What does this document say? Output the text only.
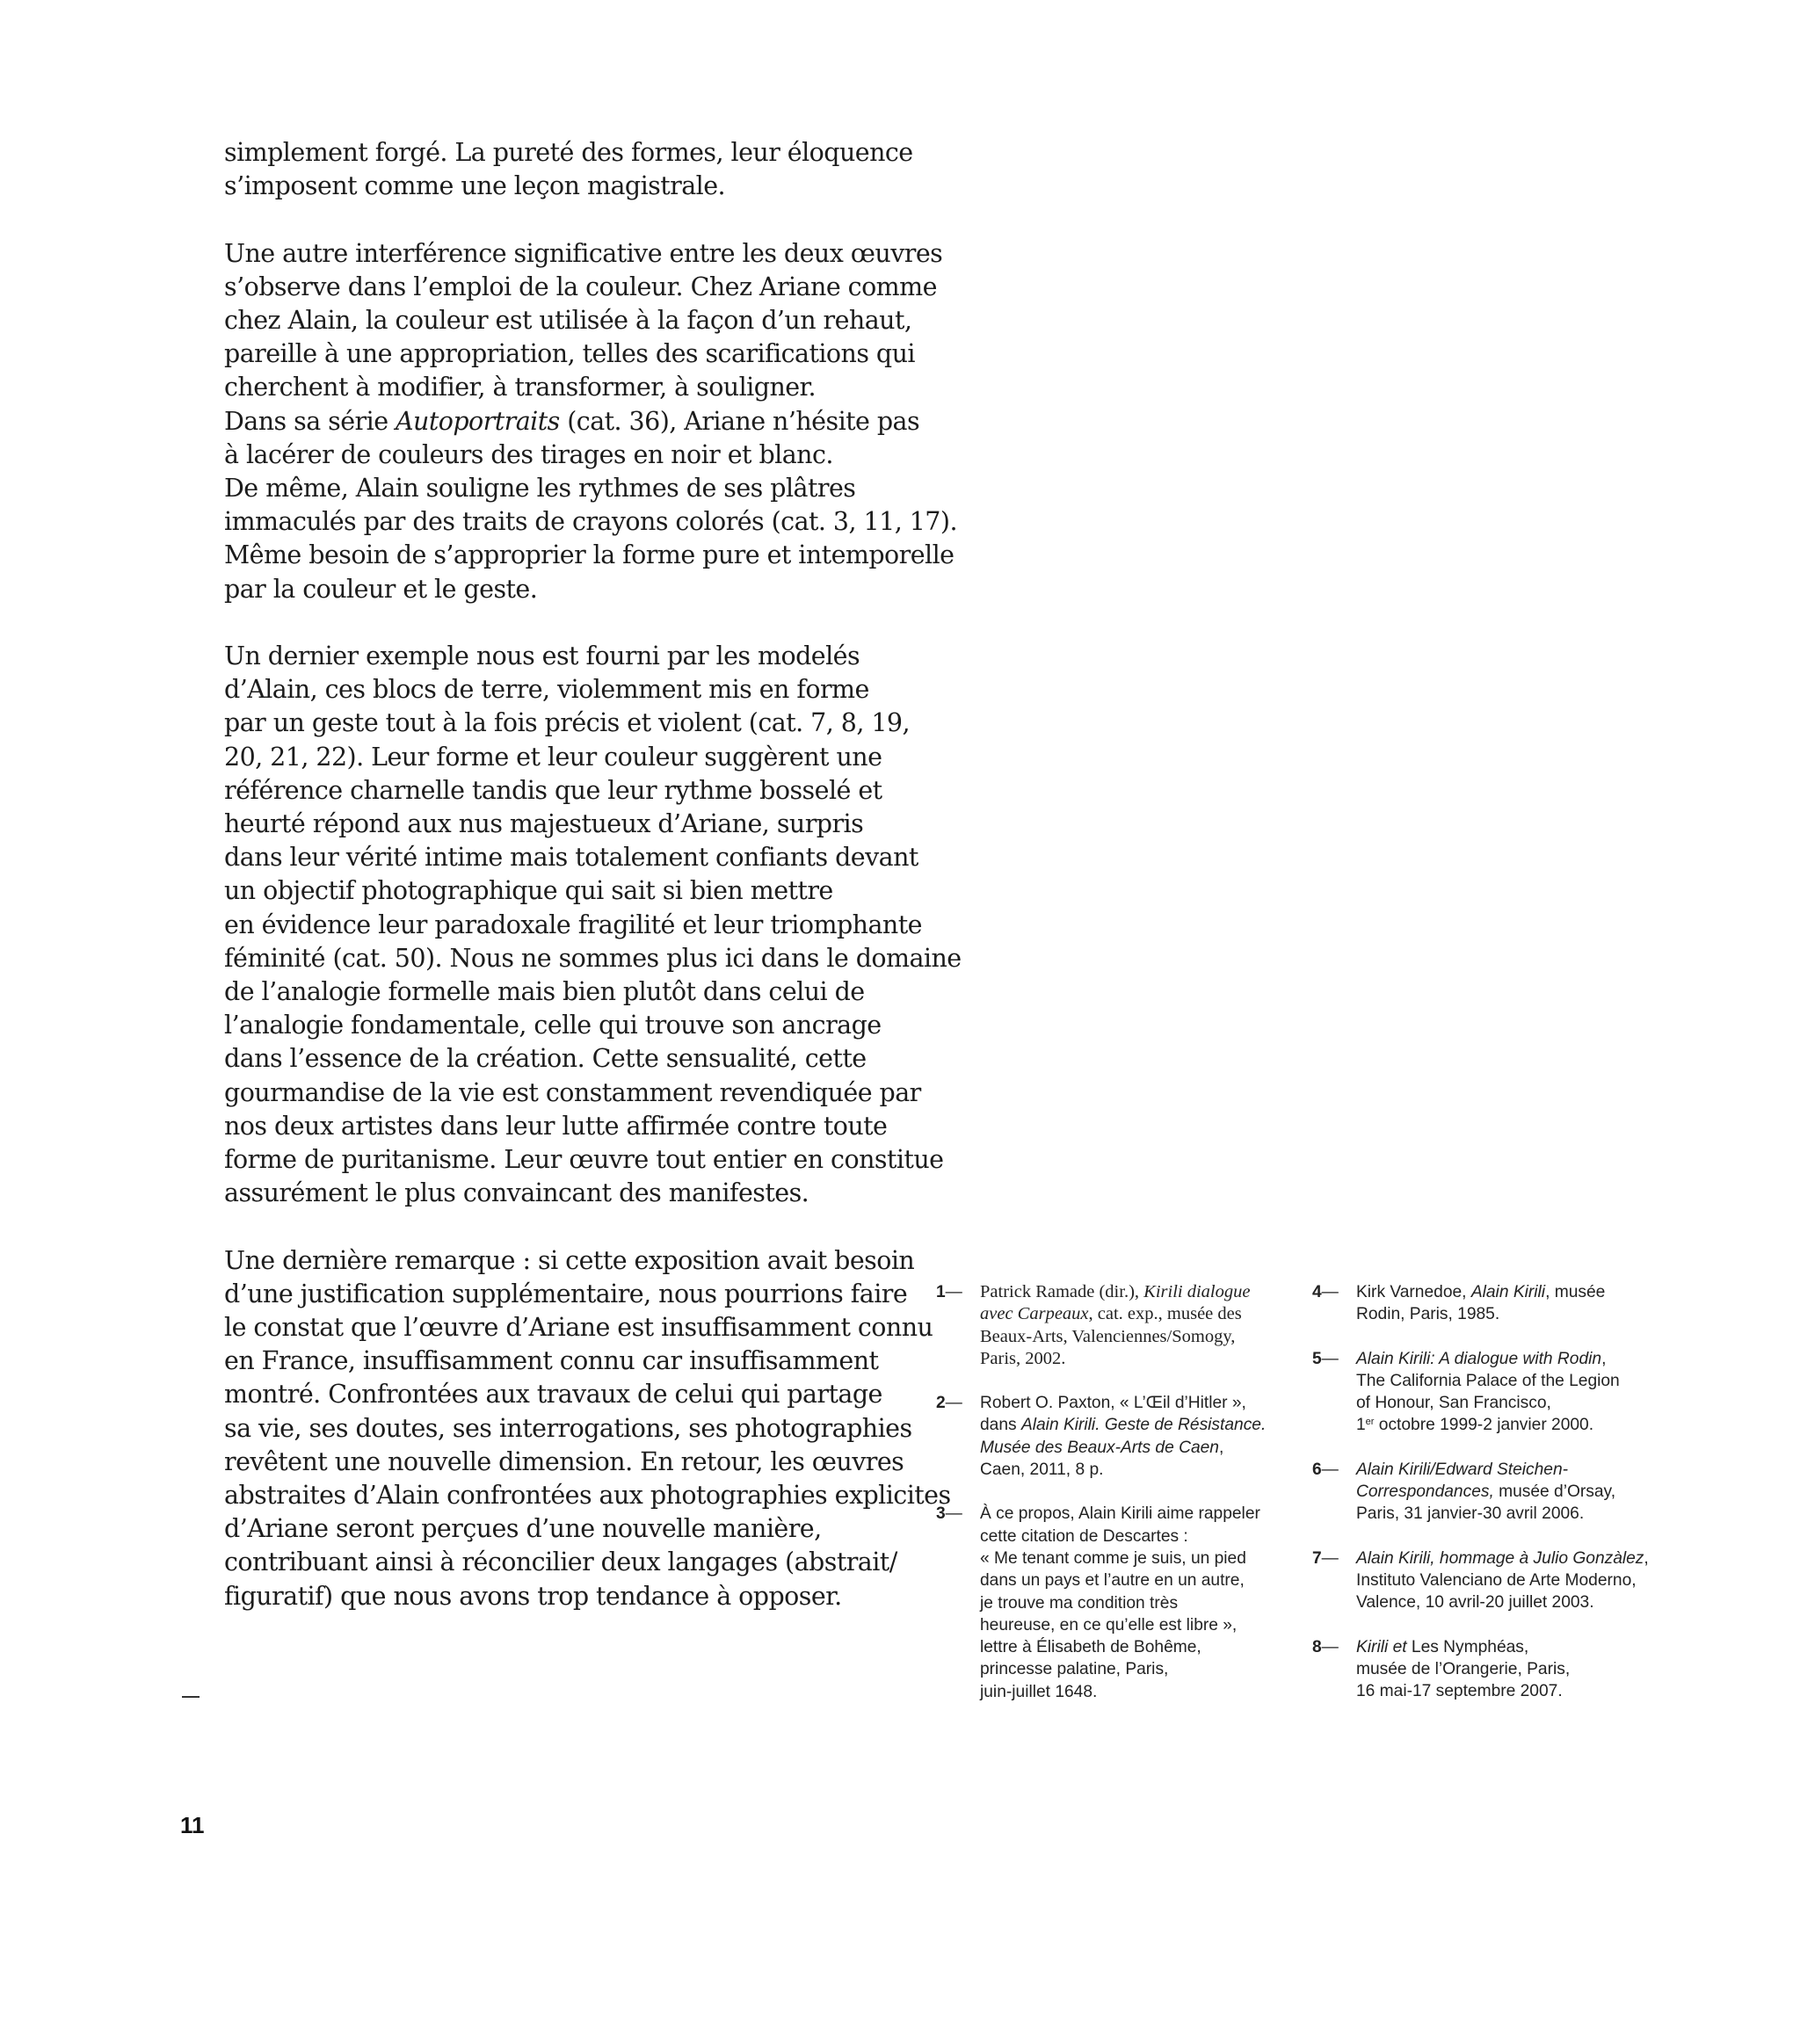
simplement forgé. La pureté des formes, leur éloquence
s’imposent comme une leçon magistrale.
Une autre interférence significative entre les deux œuvres
s’observe dans l’emploi de la couleur. Chez Ariane comme
chez Alain, la couleur est utilisée à la façon d’un rehaut,
pareille à une appropriation, telles des scarifications qui
cherchent à modifier, à transformer, à souligner.
Dans sa série Autoportraits (cat. 36), Ariane n’hésite pas
à lacérer de couleurs des tirages en noir et blanc.
De même, Alain souligne les rythmes de ses plâtres
immaculés par des traits de crayons colorés (cat. 3, 11, 17).
Même besoin de s’approprier la forme pure et intemporelle
par la couleur et le geste.
Un dernier exemple nous est fourni par les modelés
d’Alain, ces blocs de terre, violemment mis en forme
par un geste tout à la fois précis et violent (cat. 7, 8, 19,
20, 21, 22). Leur forme et leur couleur suggèrent une
référence charnelle tandis que leur rythme bosselé et
heurté répond aux nus majestueux d’Ariane, surpris
dans leur vérité intime mais totalement confiants devant
un objectif photographique qui sait si bien mettre
en évidence leur paradoxale fragilité et leur triomphante
féminité (cat. 50). Nous ne sommes plus ici dans le domaine
de l’analogie formelle mais bien plutôt dans celui de
l’analogie fondamentale, celle qui trouve son ancrage
dans l’essence de la création. Cette sensualité, cette
gourmandise de la vie est constamment revendiquée par
nos deux artistes dans leur lutte affirmée contre toute
forme de puritanisme. Leur œuvre tout entier en constitue
assurément le plus convaincant des manifestes.
Une dernière remarque : si cette exposition avait besoin
d’une justification supplémentaire, nous pourrions faire
le constat que l’œuvre d’Ariane est insuffisamment connu
en France, insuffisamment connu car insuffisamment
montré. Confrontées aux travaux de celui qui partage
sa vie, ses doutes, ses interrogations, ses photographies
revêtent une nouvelle dimension. En retour, les œuvres
abstraites d’Alain confrontées aux photographies explicites
d’Ariane seront perçues d’une nouvelle manière,
contribuant ainsi à réconcilier deux langages (abstrait/
figuratif) que nous avons trop tendance à opposer.
1— Patrick Ramade (dir.), Kirili dialogue
avec Carpeaux, cat. exp., musée des
Beaux-Arts, Valenciennes/Somogy,
Paris, 2002.
2— Robert O. Paxton, « L’Œil d’Hitler »,
dans Alain Kirili. Geste de Résistance.
Musée des Beaux-Arts de Caen,
Caen, 2011, 8 p.
3— À ce propos, Alain Kirili aime rappeler
cette citation de Descartes :
« Me tenant comme je suis, un pied
dans un pays et l’autre en un autre,
je trouve ma condition très
heureuse, en ce qu’elle est libre »,
lettre à Élisabeth de Bohême,
princesse palatine, Paris,
juin-juillet 1648.
4— Kirk Varnedoe, Alain Kirili, musée
Rodin, Paris, 1985.
5— Alain Kirili: A dialogue with Rodin,
The California Palace of the Legion
of Honour, San Francisco,
1er octobre 1999-2 janvier 2000.
6— Alain Kirili/Edward Steichen-
Correspondances, musée d’Orsay,
Paris, 31 janvier-30 avril 2006.
7— Alain Kirili, hommage à Julio Gonzàlez,
Instituto Valenciano de Arte Moderno,
Valence, 10 avril-20 juillet 2003.
8— Kirili et Les Nymphéas,
musée de l’Orangerie, Paris,
16 mai-17 septembre 2007.
11
